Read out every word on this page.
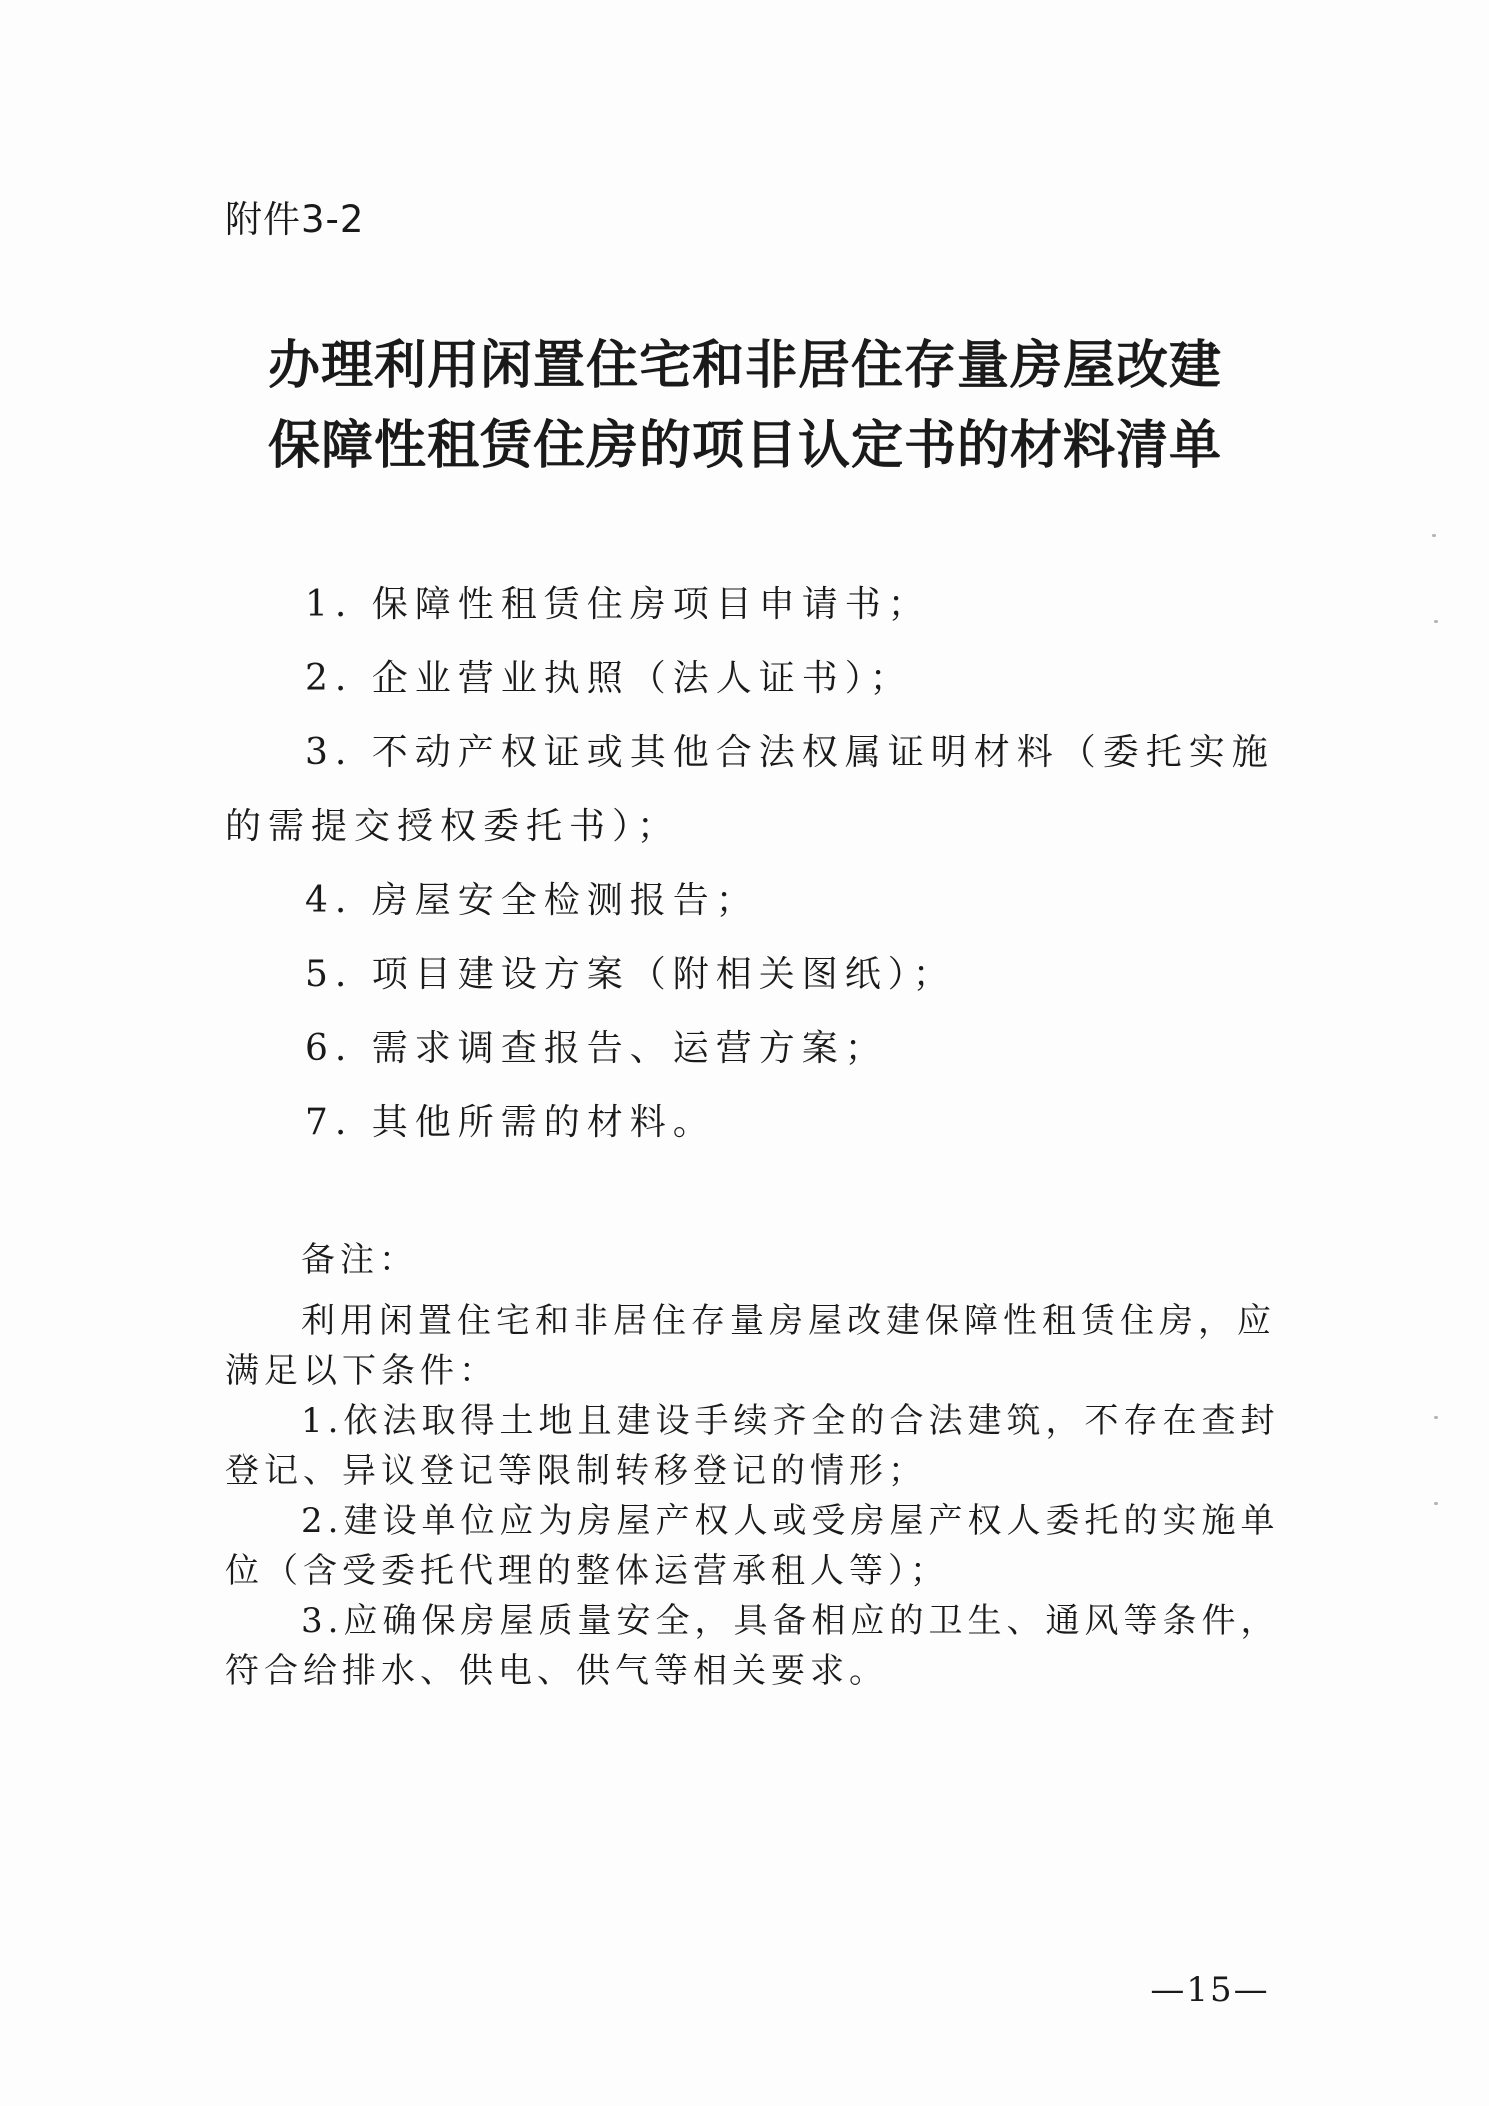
附件3-2
办理利用闲置住宅和非居住存量房屋改建
保障性租赁住房的项目认定书的材料清单
1. 保障性租赁住房项目申请书；
2. 企业营业执照（法人证书）；
3. 不动产权证或其他合法权属证明材料（委托实施的需提交授权委托书）；
4. 房屋安全检测报告；
5. 项目建设方案（附相关图纸）；
6. 需求调查报告、运营方案；
7. 其他所需的材料。
备注：
利用闲置住宅和非居住存量房屋改建保障性租赁住房，应满足以下条件：
1.依法取得土地且建设手续齐全的合法建筑，不存在查封登记、异议登记等限制转移登记的情形；
2.建设单位应为房屋产权人或受房屋产权人委托的实施单位（含受委托代理的整体运营承租人等）；
3.应确保房屋质量安全，具备相应的卫生、通风等条件，符合给排水、供电、供气等相关要求。
—15—
